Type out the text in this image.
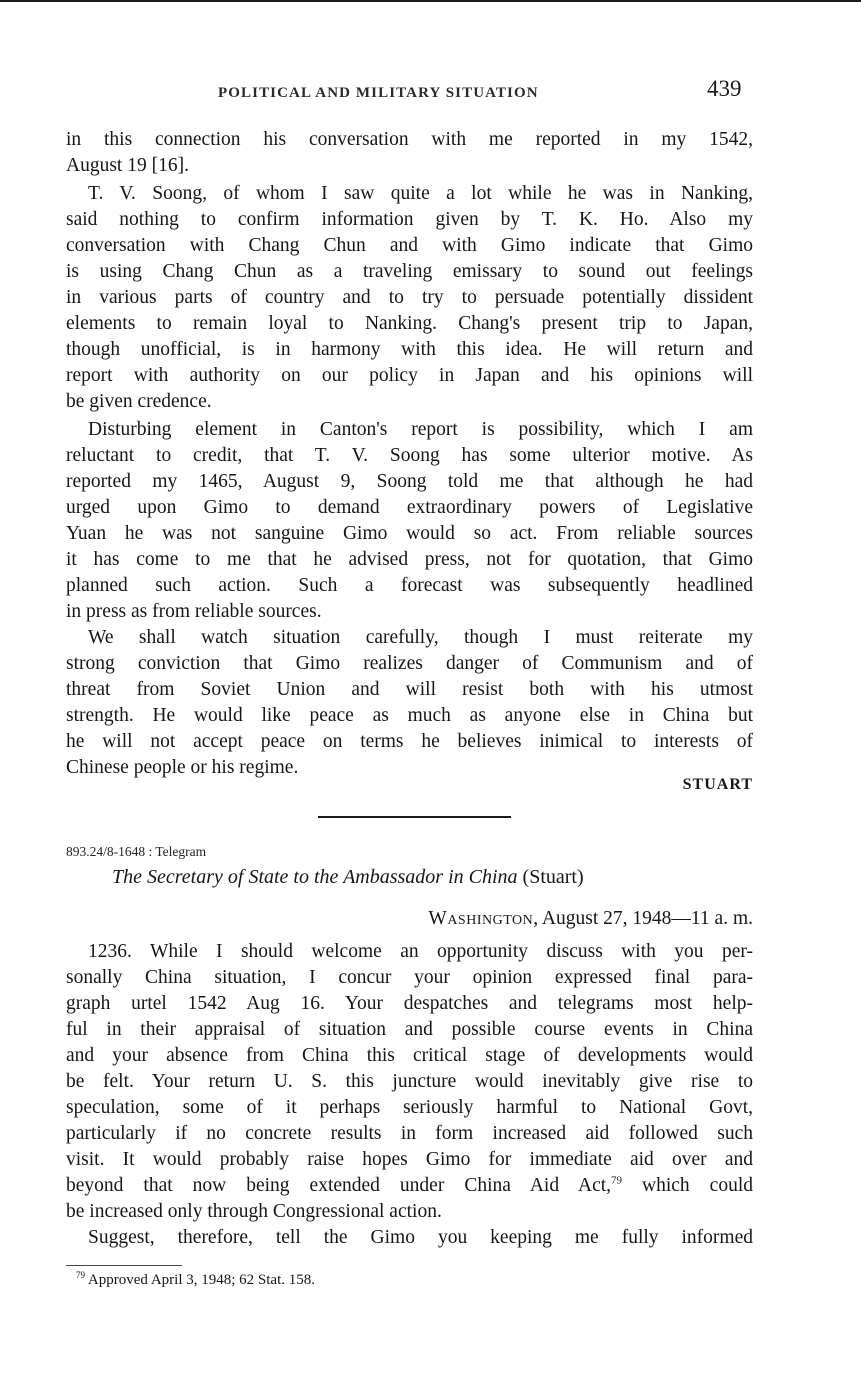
POLITICAL AND MILITARY SITUATION	439
in this connection his conversation with me reported in my 1542,
August 19 [16].
T. V. Soong, of whom I saw quite a lot while he was in Nanking,
said nothing to confirm information given by T. K. Ho. Also my
conversation with Chang Chun and with Gimo indicate that Gimo
is using Chang Chun as a traveling emissary to sound out feelings
in various parts of country and to try to persuade potentially dissident
elements to remain loyal to Nanking. Chang's present trip to Japan,
though unofficial, is in harmony with this idea. He will return and
report with authority on our policy in Japan and his opinions will
be given credence.
Disturbing element in Canton's report is possibility, which I am
reluctant to credit, that T. V. Soong has some ulterior motive. As
reported my 1465, August 9, Soong told me that although he had
urged upon Gimo to demand extraordinary powers of Legislative
Yuan he was not sanguine Gimo would so act. From reliable sources
it has come to me that he advised press, not for quotation, that Gimo
planned such action. Such a forecast was subsequently headlined
in press as from reliable sources.
We shall watch situation carefully, though I must reiterate my
strong conviction that Gimo realizes danger of Communism and of
threat from Soviet Union and will resist both with his utmost
strength. He would like peace as much as anyone else in China but
he will not accept peace on terms he believes inimical to interests of
Chinese people or his regime.
STUART
893.24/8-1648 : Telegram
The Secretary of State to the Ambassador in China (Stuart)
Washington, August 27, 1948—11 a. m.
1236. While I should welcome an opportunity discuss with you per-
sonally China situation, I concur your opinion expressed final para-
graph urtel 1542 Aug 16. Your despatches and telegrams most help-
ful in their appraisal of situation and possible course events in China
and your absence from China this critical stage of developments would
be felt. Your return U. S. this juncture would inevitably give rise to
speculation, some of it perhaps seriously harmful to National Govt,
particularly if no concrete results in form increased aid followed such
visit. It would probably raise hopes Gimo for immediate aid over and
beyond that now being extended under China Aid Act,$^{79}$ which could
be increased only through Congressional action.
Suggest, therefore, tell the Gimo you keeping me fully informed
$^{79}$ Approved April 3, 1948; 62 Stat. 158.
